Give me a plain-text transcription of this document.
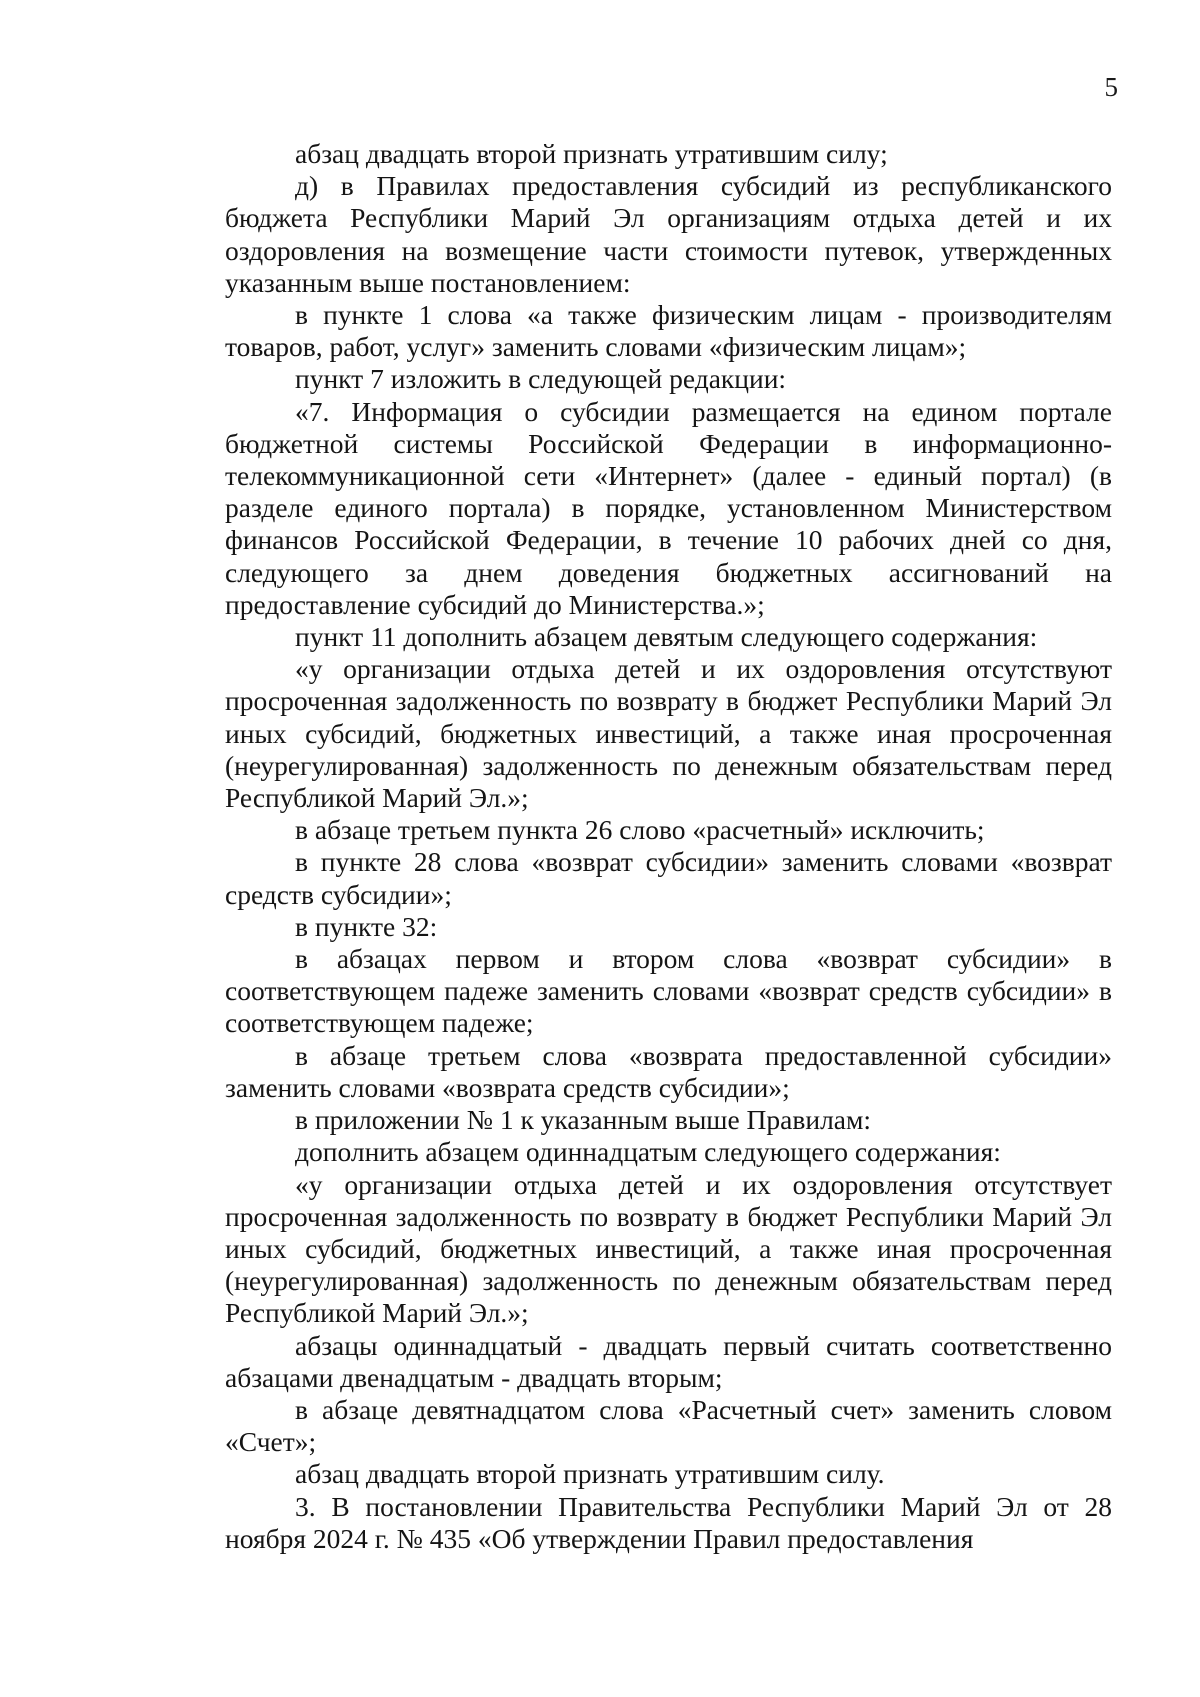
5

абзац двадцать второй признать утратившим силу;

д) в Правилах предоставления субсидий из республиканского бюджета Республики Марий Эл организациям отдыха детей и их оздоровления на возмещение части стоимости путевок, утвержденных указанным выше постановлением:

в пункте 1 слова «а также физическим лицам - производителям товаров, работ, услуг» заменить словами «физическим лицам»;

пункт 7 изложить в следующей редакции:

«7. Информация о субсидии размещается на едином портале бюджетной системы Российской Федерации в информационно-телекоммуникационной сети «Интернет» (далее - единый портал) (в разделе единого портала) в порядке, установленном Министерством финансов Российской Федерации, в течение 10 рабочих дней со дня, следующего за днем доведения бюджетных ассигнований на предоставление субсидий до Министерства.»;

пункт 11 дополнить абзацем девятым следующего содержания:

«у организации отдыха детей и их оздоровления отсутствуют просроченная задолженность по возврату в бюджет Республики Марий Эл иных субсидий, бюджетных инвестиций, а также иная просроченная (неурегулированная) задолженность по денежным обязательствам перед Республикой Марий Эл.»;

в абзаце третьем пункта 26 слово «расчетный» исключить;

в пункте 28 слова «возврат субсидии» заменить словами «возврат средств субсидии»;

в пункте 32:

в абзацах первом и втором слова «возврат субсидии» в соответствующем падеже заменить словами «возврат средств субсидии» в соответствующем падеже;

в абзаце третьем слова «возврата предоставленной субсидии» заменить словами «возврата средств субсидии»;

в приложении № 1 к указанным выше Правилам:

дополнить абзацем одиннадцатым следующего содержания:

«у организации отдыха детей и их оздоровления отсутствует просроченная задолженность по возврату в бюджет Республики Марий Эл иных субсидий, бюджетных инвестиций, а также иная просроченная (неурегулированная) задолженность по денежным обязательствам перед Республикой Марий Эл.»;

абзацы одиннадцатый - двадцать первый считать соответственно абзацами двенадцатым - двадцать вторым;

в абзаце девятнадцатом слова «Расчетный счет» заменить словом «Счет»;

абзац двадцать второй признать утратившим силу.

3. В постановлении Правительства Республики Марий Эл от 28 ноября 2024 г. № 435 «Об утверждении Правил предоставления
